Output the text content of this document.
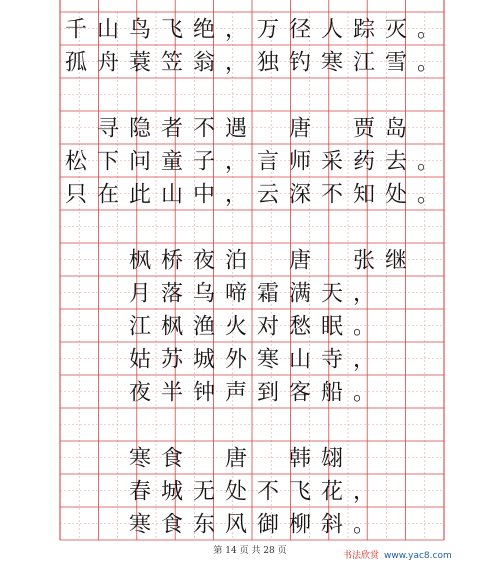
千 山 鸟 飞 绝 ， 万 径 人 踪 灭 。
孤 舟 蓑 笠 翁 ， 独 钓 寒 江 雪 。
寻 隐 者 不 遇 唐 贾 岛
松 下 问 童 子 ， 言 师 采 药 去 。
只 在 此 山 中 ， 云 深 不 知 处 。
枫 桥 夜 泊 唐 张 继
月 落 乌 啼 霜 满 天 ，
江 枫 渔 火 对 愁 眠 。
姑 苏 城 外 寒 山 寺 ，
夜 半 钟 声 到 客 船 。
寒 食 唐 韩 翃
春 城 无 处 不 飞 花 ，
寒 食 东 风 御 柳 斜 。
第 14 页 共 28 页	书法欣赏 www.yac8.com
